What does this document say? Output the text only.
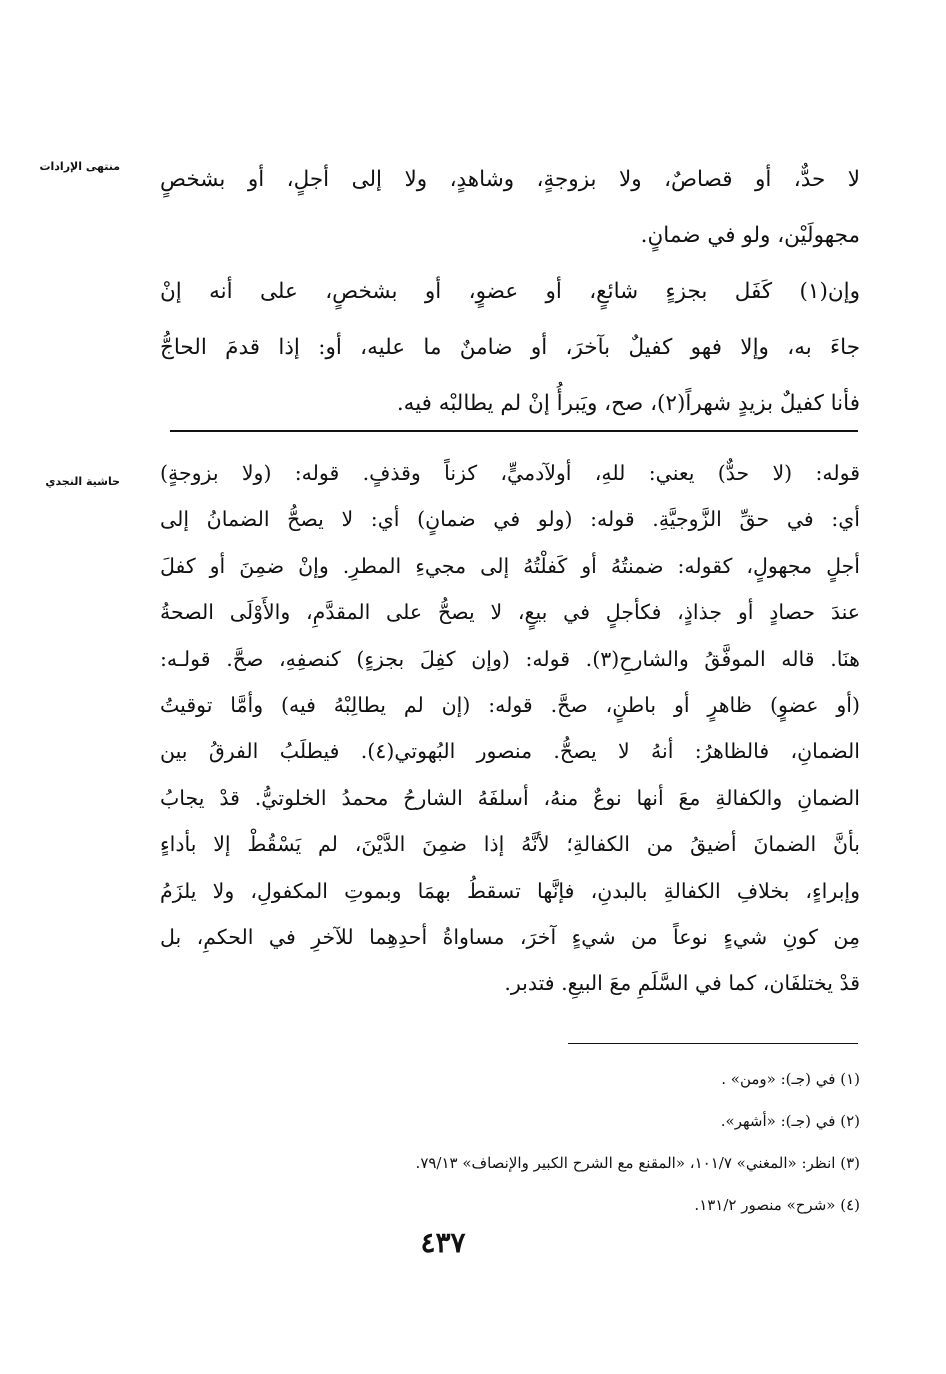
منتهى الإرادات
حاشية النجدي
لا حدٌّ، أو قصاصٌ، ولا بزوجةٍ، وشاهدٍ، ولا إلى أجلٍ، أو بشخصٍ
مجهولَيْن، ولو في ضمانٍ.
وإن(١) كَفَل بجزءٍ شائعٍ، أو عضوٍ، أو بشخصٍ، على أنه إنْ
جاءَ به، وإلا فهو كفيلٌ بآخرَ، أو ضامنٌ ما عليه، أو: إذا قدمَ الحاجُّ
فأنا كفيلٌ بزيدٍ شهراً(٢)، صح، ويَبرأُ إنْ لم يطالبْه فيه.
قوله: (لا حدٌّ) يعني: للهِ، أولآدميٍّ، كزناً وقذفٍ. قوله: (ولا بزوجةٍ)
أي: في حقِّ الزَّوجيَّةِ. قوله: (ولو في ضمانٍ) أي: لا يصحُّ الضمانُ إلى
أجلٍ مجهولٍ، كقوله: ضمنتُهُ أو كَفلْتُهُ إلى مجيءِ المطرِ. وإنْ ضمِنَ أو كفلَ
عندَ حصادٍ أو جذاذٍ، فكأجلٍ في بيعٍ، لا يصحُّ على المقدَّمِ، والأَوْلَى الصحةُ
هنَا. قاله الموفَّقُ والشارحِ(٣). قوله: (وإن كفِلَ بجزءٍ) كنصفِهِ، صحَّ. قولـه:
(أو عضوٍ) ظاهرٍ أو باطنٍ، صحَّ. قوله: (إن لم يطالِبْهُ فيه) وأمَّا توقيتُ
الضمانِ، فالظاهرُ: أنهُ لا يصحُّ. منصور البُهوتي(٤). فيطلَبُ الفرقُ بين
الضمانِ والكفالةِ معَ أنها نوعٌ منهُ، أسلفَهُ الشارحُ محمدُ الخلوتيُّ. قدْ يجابُ
بأنَّ الضمانَ أضيقُ من الكفالةِ؛ لأنَّهُ إذا ضمِنَ الدَّيْنَ، لم يَسْقُطْ إلا بأداءٍ
وإبراءٍ، بخلافِ الكفالةِ بالبدنِ، فإنَّها تسقطُ بهمَا وبموتِ المكفولِ، ولا يلزَمُ
مِن كونِ شيءٍ نوعاً من شيءٍ آخرَ، مساواةُ أحدِهِما للآخرِ في الحكمِ، بل
قدْ يختلفَان، كما في السَّلَمِ معَ البيعِ. فتدبر.
(١) في (جـ): «ومن» .
(٢) في (جـ): «أشهر».
(٣) انظر: «المغني» ١٠١/٧، «المقنع مع الشرح الكبير والإنصاف» ٧٩/١٣.
(٤) «شرح» منصور ١٣١/٢.
٤٣٧
